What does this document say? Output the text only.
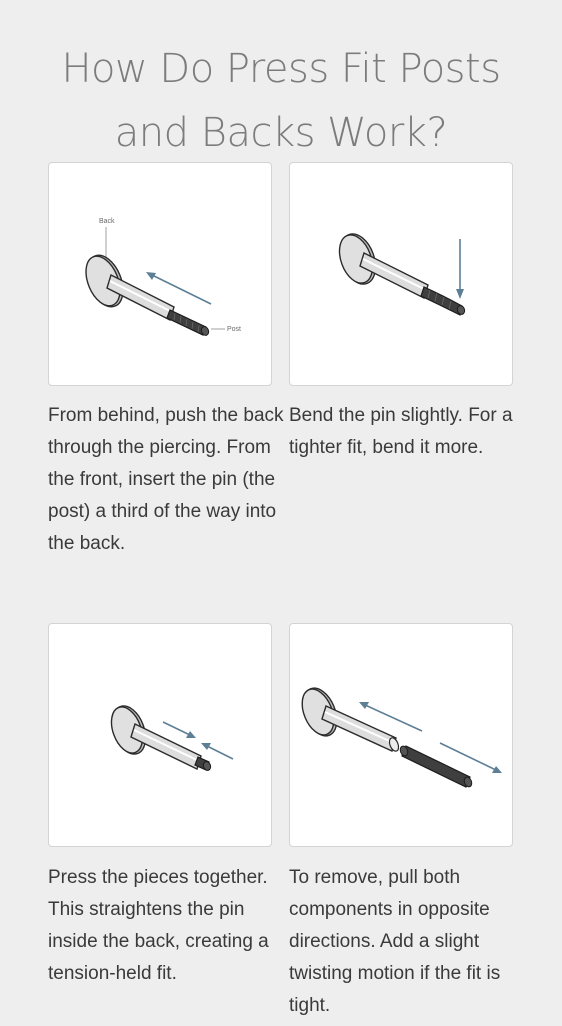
How Do Press Fit Posts
and Backs Work?
Back
Post

From behind, push the back through the piercing. From the front, insert the pin (the post) a third of the way into the back.

Bend the pin slightly. For a tighter fit, bend it more.

Press the pieces together. This straightens the pin inside the back, creating a tension-held fit.

To remove, pull both components in opposite directions. Add a slight twisting motion if the fit is tight.
